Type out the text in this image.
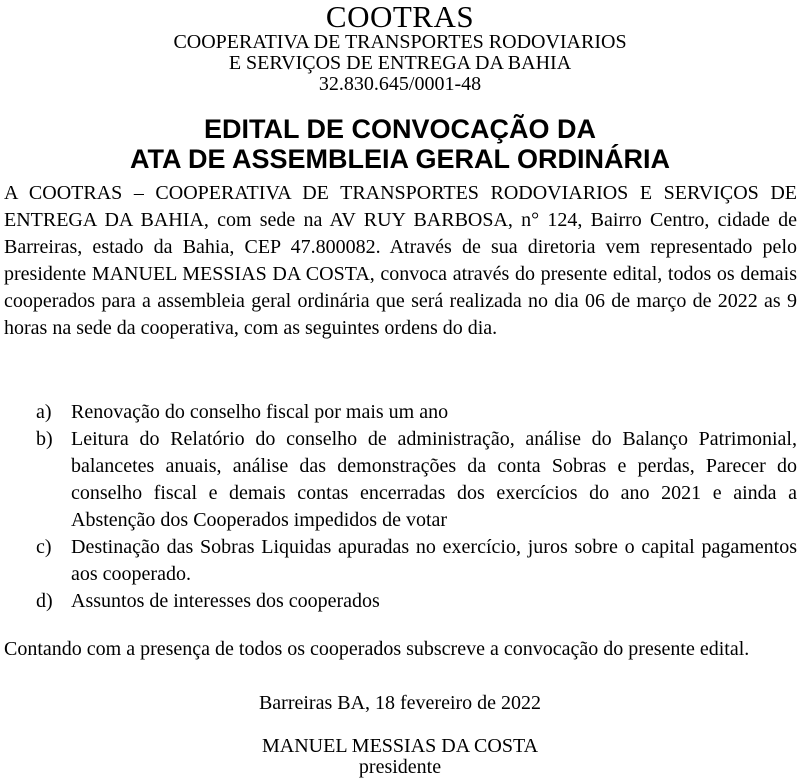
COOTRAS

COOPERATIVA DE TRANSPORTES RODOVIARIOS

E SERVIÇOS DE ENTREGA DA BAHIA

32.830.645/0001-48

EDITAL DE CONVOCAÇÃO DA
ATA DE ASSEMBLEIA GERAL ORDINÁRIA

A COOTRAS – COOPERATIVA DE TRANSPORTES RODOVIARIOS E SERVIÇOS DE ENTREGA DA BAHIA, com sede na AV RUY BARBOSA, n° 124, Bairro Centro, cidade de Barreiras, estado da Bahia, CEP 47.800082. Através de sua diretoria vem representado pelo presidente MANUEL MESSIAS DA COSTA, convoca através do presente edital, todos os demais cooperados para a assembleia geral ordinária que será realizada no dia 06 de março de 2022 as 9 horas na sede da cooperativa, com as seguintes ordens do dia.

a) Renovação do conselho fiscal por mais um ano
b) Leitura do Relatório do conselho de administração, análise do Balanço Patrimonial, balancetes anuais, análise das demonstrações da conta Sobras e perdas, Parecer do conselho fiscal e demais contas encerradas dos exercícios do ano 2021 e ainda a Abstenção dos Cooperados impedidos de votar
c) Destinação das Sobras Liquidas apuradas no exercício, juros sobre o capital pagamentos aos cooperado.
d) Assuntos de interesses dos cooperados

Contando com a presença de todos os cooperados subscreve a convocação do presente edital.

Barreiras BA, 18 fevereiro de 2022

MANUEL MESSIAS DA COSTA

presidente
